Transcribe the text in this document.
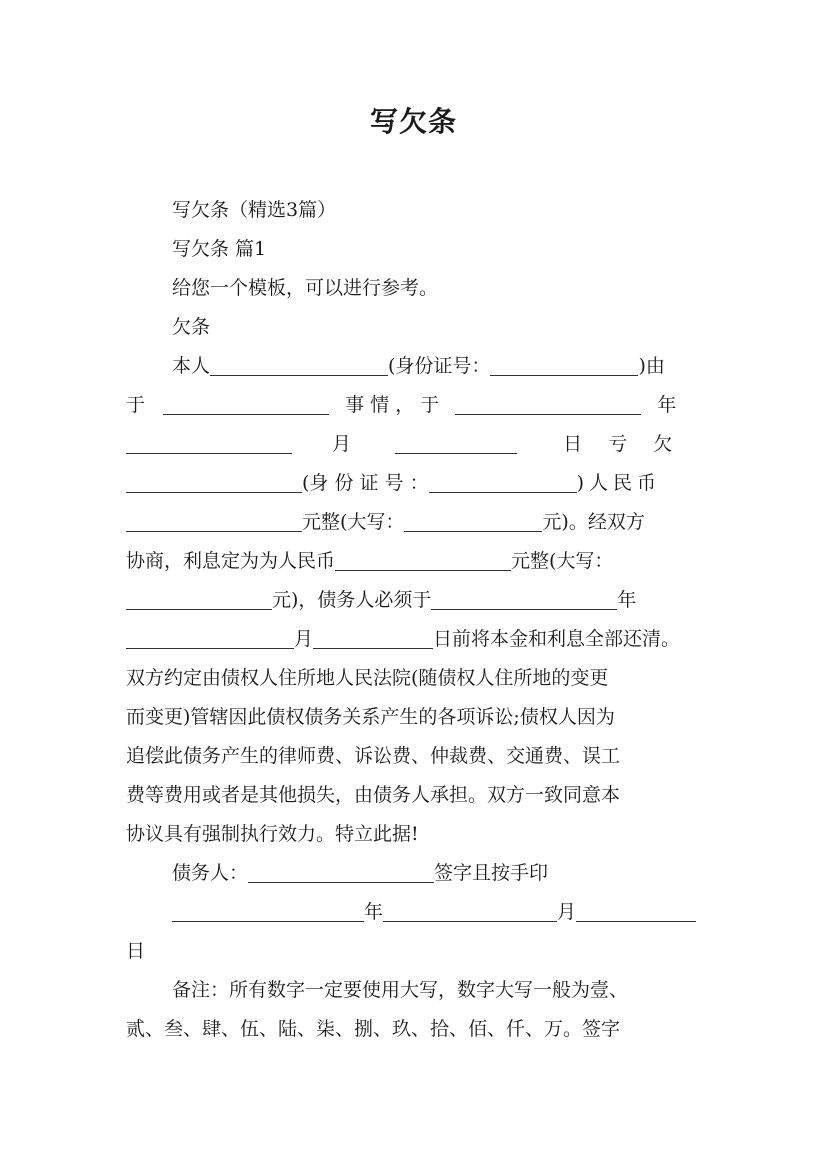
写欠条
写欠条（精选3篇）
写欠条 篇1
给您一个模板，可以进行参考。
欠条
本人	(身份证号：	)由
于	事 情 ， 于	年
月	日 亏 欠
(身 份 证 号 ：	)人民币
元整(大写：	元)。经双方
协商，利息定为为人民币	元整(大写：
元)，债务人必须于	年
月	日前将本金和利息全部还清。
双方约定由债权人住所地人民法院(随债权人住所地的变更
而变更)管辖因此债权债务关系产生的各项诉讼;债权人因为
追偿此债务产生的律师费、诉讼费、仲裁费、交通费、误工
费等费用或者是其他损失，由债务人承担。双方一致同意本
协议具有强制执行效力。特立此据!
债务人：	签字且按手印
年	月
日
备注：所有数字一定要使用大写，数字大写一般为壹、
贰、叁、肆、伍、陆、柒、捌、玖、拾、佰、仟、万。签字
